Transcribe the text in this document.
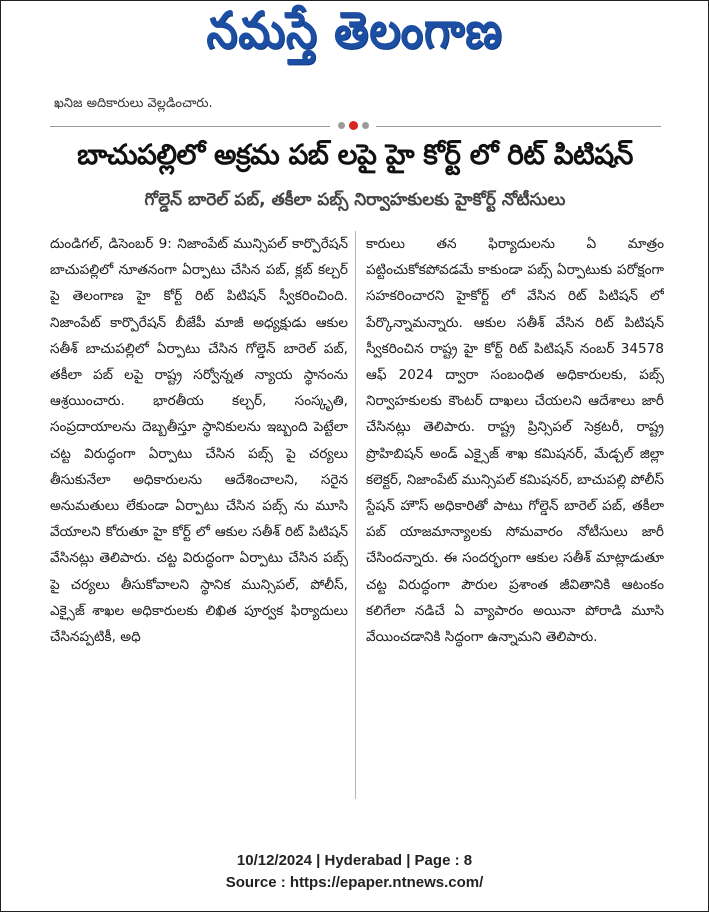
నమస్తే తెలంగాణ
ఖనిజ అదికారులు వెల్లడించారు.
బాచుపల్లిలో అక్రమ పబ్ లపై హై కోర్ట్ లో రిట్ పిటిషన్
గోల్డెన్ బారెల్ పబ్, తకీలా పబ్స్ నిర్వాహకులకు హైకోర్ట్ నోటీసులు
దుండిగల్, డిసెంబర్ 9: నిజాంపేట్ మున్సిపల్ కార్పొరేషన్ బాచుపల్లిలో నూతనంగా ఏర్పాటు చేసిన పబ్, క్లబ్ కల్చర్ పై తెలంగాణ హై కోర్ట్ రిట్ పిటిషన్ స్వీకరించింది. నిజాంపేట్ కార్పొరేషన్ బీజేపీ మాజీ అధ్యక్షుడు ఆకుల సతీశ్ బాచుపల్లిలో ఏర్పాటు చేసిన గోల్డెన్ బారెల్ పబ్, తకీలా పబ్ లపై రాష్ట్ర సర్వోన్నత న్యాయ స్థానంను ఆశ్రయించారు. భారతీయ కల్చర్, సంస్కృతి, సంప్రదాయాలను దెబ్బతీస్తూ స్థానికులను ఇబ్బంది పెట్టేలా చట్ట విరుద్ధంగా ఏర్పాటు చేసిన పబ్స్ పై చర్యలు తీసుకునేలా అధికారులను ఆదేశించాలని, సరైన అనుమతులు లేకుండా ఏర్పాటు చేసిన పబ్స్ ను మూసి వేయాలని కోరుతూ హై కోర్ట్ లో ఆకుల సతీశ్ రిట్ పిటిషన్ వేసినట్లు తెలిపారు. చట్ట విరుద్ధంగా ఏర్పాటు చేసిన పబ్స్ పై చర్యలు తీసుకోవాలని స్థానిక మున్సిపల్, పోలీస్, ఎక్సైజ్ శాఖల అధికారులకు లిఖిత పూర్వక ఫిర్యాదులు చేసినప్పటికీ, అధి
కారులు తన ఫిర్యాదులను ఏ మాత్రం పట్టించుకోకపోవడమే కాకుండా పబ్స్ ఏర్పాటుకు పరోక్షంగా సహకరించారని హైకోర్ట్ లో వేసిన రిట్ పిటిషన్ లో పేర్కొన్నామన్నారు. ఆకుల సతీశ్ వేసిన రిట్ పిటిషన్ స్వీకరించిన రాష్ట్ర హై కోర్ట్ రిట్ పిటిషన్ నంబర్ 34578 ఆఫ్ 2024 ద్వారా సంబంధిత అధికారులకు, పబ్స్ నిర్వాహకులకు కౌంటర్ దాఖలు చేయలని ఆదేశాలు జారీ చేసినట్లు తెలిపారు. రాష్ట్ర ప్రిన్సిపల్ సెక్రటరీ, రాష్ట్ర ప్రొహిబిషన్ అండ్ ఎక్సైజ్ శాఖ కమిషనర్, మేడ్చల్ జిల్లా కలెక్టర్, నిజాంపేట్ మున్సిపల్ కమిషనర్, బాచుపల్లి పోలీస్ స్టేషన్ హౌస్ అధికారితో పాటు గోల్డెన్ బారెల్ పబ్, తకీలా పబ్ యాజమాన్యాలకు సోమవారం నోటీసులు జారీ చేసిందన్నారు. ఈ సందర్భంగా ఆకుల సతీశ్ మాట్లాడుతూ చట్ట విరుద్ధంగా పౌరుల ప్రశాంత జీవితానికి ఆటంకం కలిగేలా నడిచే ఏ వ్యాపారం అయినా పోరాడి మూసి వేయించడానికి సిద్ధంగా ఉన్నామని తెలిపారు.
10/12/2024 | Hyderabad | Page : 8
Source : https://epaper.ntnews.com/
